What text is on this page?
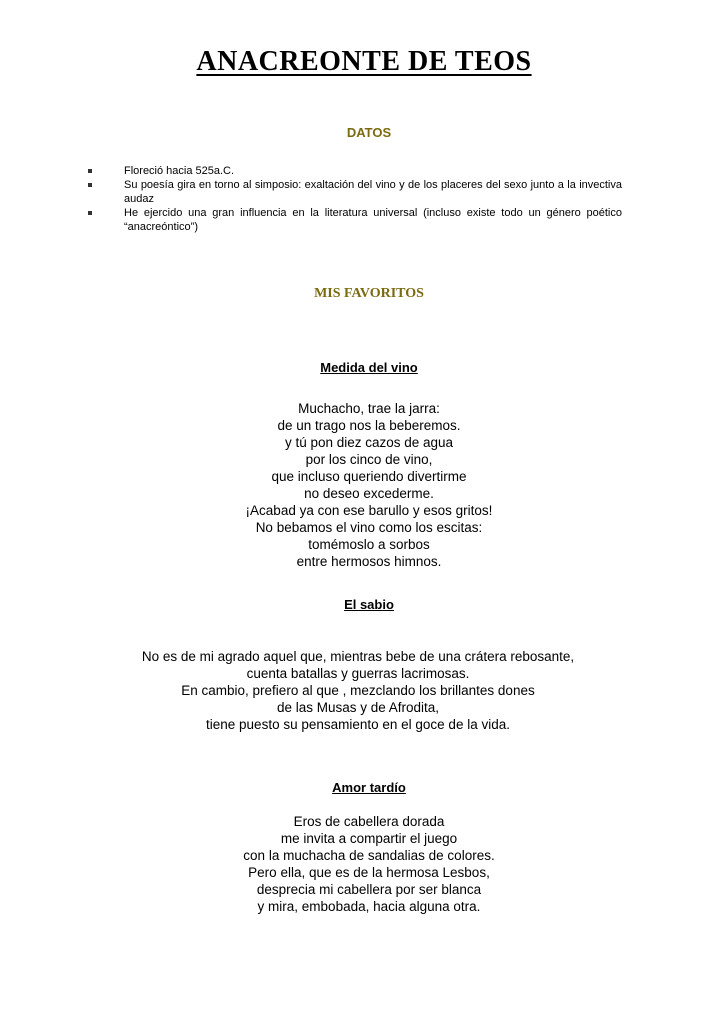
ANACREONTE DE TEOS
DATOS
Floreció hacia 525a.C.
Su poesía gira en torno al simposio: exaltación del vino y de los placeres del sexo junto a la invectiva audaz
He ejercido una gran influencia en la literatura universal (incluso existe todo un género poético “anacreóntico”)
MIS FAVORITOS
Medida del vino
Muchacho, trae la jarra:
de un trago nos la beberemos.
y tú pon diez cazos de agua
por los cinco de vino,
que incluso queriendo divertirme
no deseo excederme.
¡Acabad ya con ese barullo y esos gritos!
No bebamos el vino como los escitas:
tomémoslo a sorbos
entre hermosos himnos.
El sabio
No es de mi agrado aquel que, mientras bebe de una crátera rebosante,
cuenta batallas y guerras lacrimosas.
En cambio, prefiero al que , mezclando los brillantes dones
de las Musas y de Afrodita,
tiene puesto su pensamiento en el goce de la vida.
Amor tardío
Eros de cabellera dorada
me invita a compartir el juego
con la muchacha de sandalias de colores.
Pero ella, que es de la hermosa Lesbos,
desprecia mi cabellera por ser blanca
y mira, embobada, hacia alguna otra.
